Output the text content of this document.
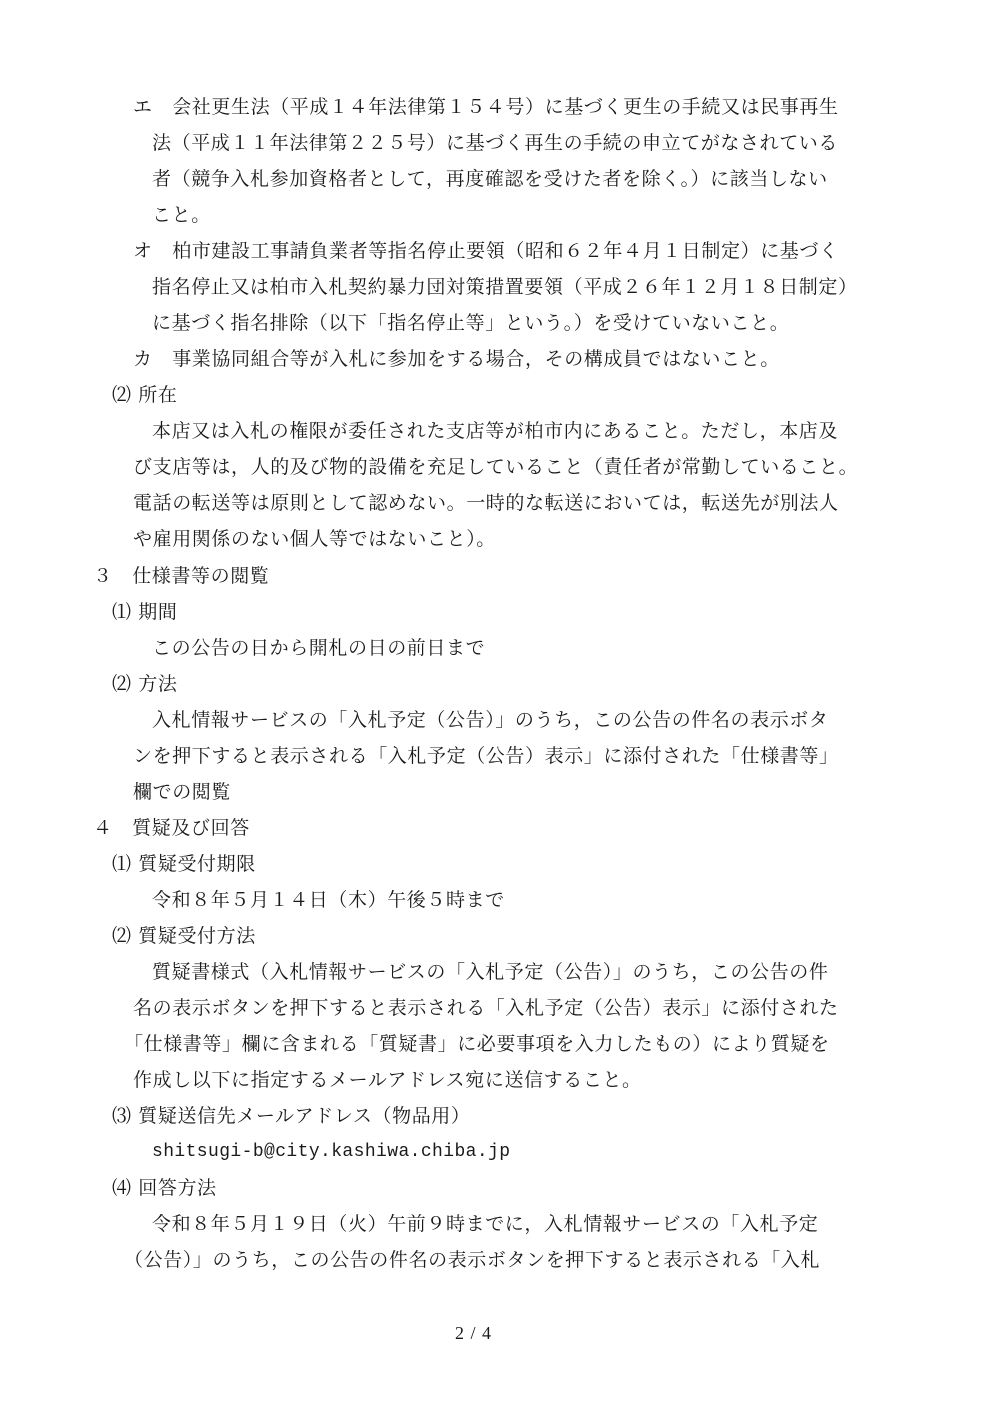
エ　会社更生法（平成１４年法律第１５４号）に基づく更生の手続又は民事再生
法（平成１１年法律第２２５号）に基づく再生の手続の申立てがなされている
者（競争入札参加資格者として，再度確認を受けた者を除く。）に該当しない
こと。
オ　柏市建設工事請負業者等指名停止要領（昭和６２年４月１日制定）に基づく
指名停止又は柏市入札契約暴力団対策措置要領（平成２６年１２月１８日制定）
に基づく指名排除（以下「指名停止等」という。）を受けていないこと。
カ　事業協同組合等が入札に参加をする場合，その構成員ではないこと。
⑵ 所在
本店又は入札の権限が委任された支店等が柏市内にあること。ただし，本店及
び支店等は，人的及び物的設備を充足していること（責任者が常勤していること。
電話の転送等は原則として認めない。一時的な転送においては，転送先が別法人
や雇用関係のない個人等ではないこと）。
３　仕様書等の閲覧
⑴ 期間
この公告の日から開札の日の前日まで
⑵ 方法
入札情報サービスの「入札予定（公告）」のうち，この公告の件名の表示ボタ
ンを押下すると表示される「入札予定（公告）表示」に添付された「仕様書等」
欄での閲覧
４　質疑及び回答
⑴ 質疑受付期限
令和８年５月１４日（木）午後５時まで
⑵ 質疑受付方法
質疑書様式（入札情報サービスの「入札予定（公告）」のうち，この公告の件
名の表示ボタンを押下すると表示される「入札予定（公告）表示」に添付された
「仕様書等」欄に含まれる「質疑書」に必要事項を入力したもの）により質疑を
作成し以下に指定するメールアドレス宛に送信すること。
⑶ 質疑送信先メールアドレス（物品用）
shitsugi-b@city.kashiwa.chiba.jp
⑷ 回答方法
令和８年５月１９日（火）午前９時までに，入札情報サービスの「入札予定
（公告）」のうち，この公告の件名の表示ボタンを押下すると表示される「入札
2 / 4
